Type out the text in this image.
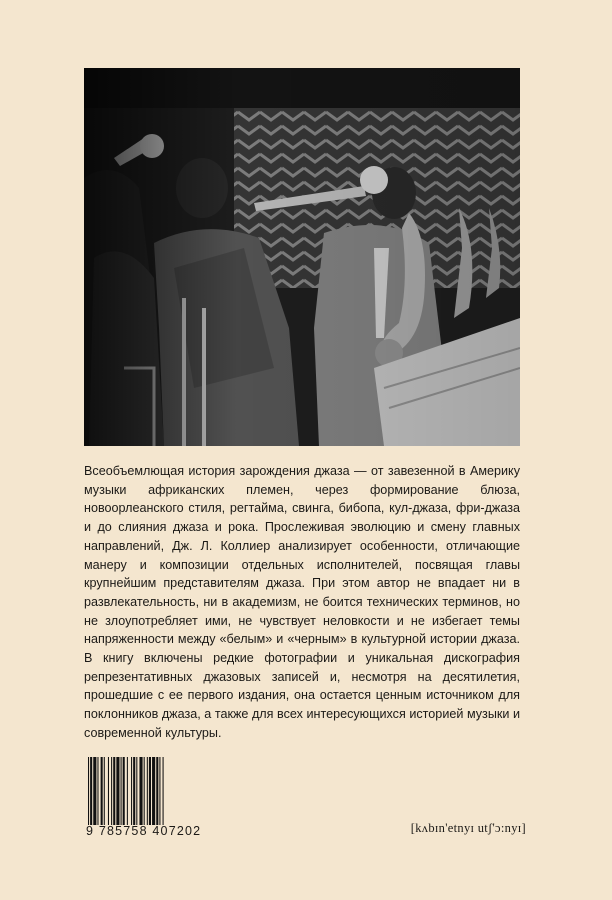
Всеобъемлющая история зарождения джаза — от завезенной в Америку музыки африканских племен, через формирование блюза, новоорлеанского стиля, регтайма, свинга, бибопа, кул-джаза, фри-джаза и до слияния джаза и рока. Прослеживая эволюцию и смену главных направлений, Дж. Л. Коллиер анализирует особенности, отличающие манеру и композиции отдельных исполнителей, посвящая главы крупнейшим представителям джаза. При этом автор не впадает ни в развлекательность, ни в академизм, не боится технических терминов, но не злоупотребляет ими, не чувствует неловкости и не избегает темы напряженности между «белым» и «черным» в культурной истории джаза. В книгу включены редкие фотографии и уникальная дискография репрезентативных джазовых записей и, несмотря на десятилетия, прошедшие с ее первого издания, она остается ценным источником для поклонников джаза, а также для всех интересующихся историей музыки и современной культуры.

9 785758 407202	[kʌbɪn'etnyɪ utʃ'ɔ:nyɪ]
